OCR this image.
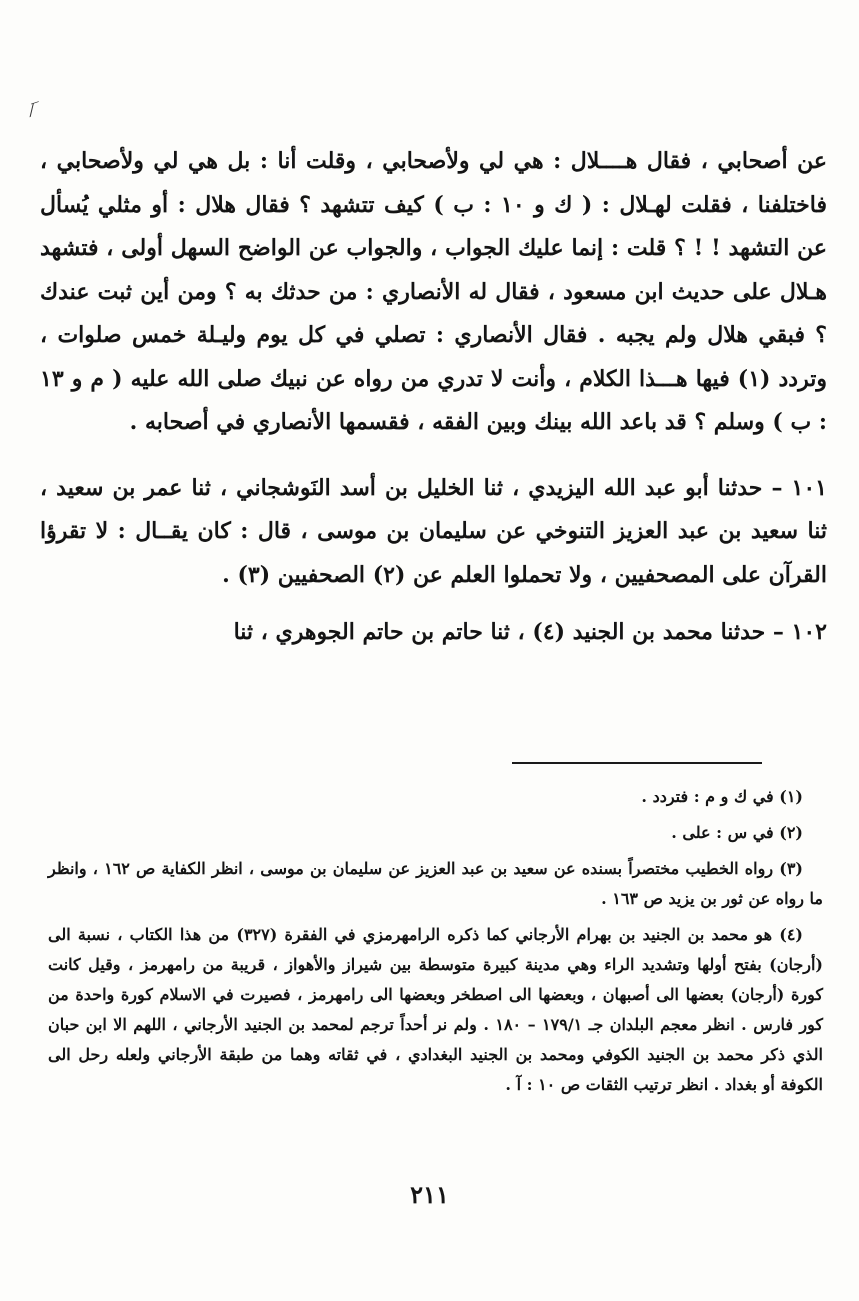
⁄‾

عن أصحابي ، فقال هــــلال : هي لي ولأصحابي ، وقلت أنا : بل هي لي ولأصحابي ، فاختلفنا ، فقلت لهـلال : ( ك و ١٠ : ب ) كيف تتشهد ؟ فقال هلال : أو مثلي يُسأل عن التشهد ! ! ؟ قلت : إنما عليك الجواب ، والجواب عن الواضح السهل أولى ، فتشهد هـلال على حديث ابن مسعود ، فقال له الأنصاري : من حدثك به ؟ ومن أين ثبت عندك ؟ فبقي هلال ولم يجبه . فقال الأنصاري : تصلي في كل يوم وليـلة خمس صلوات ، وتردد (١) فيها هـــذا الكلام ، وأنت لا تدري من رواه عن نبيك صلى الله عليه ( م و ١٣ : ب ) وسلم ؟ قد باعد الله بينك وبين الفقه ، فقسمها الأنصاري في أصحابه .

١٠١ – حدثنا أبو عبد الله اليزيدي ، ثنا الخليل بن أسد النَوشجاني ، ثنا عمر بن سعيد ، ثنا سعيد بن عبد العزيز التنوخي عن سليمان بن موسى ، قال : كان يقــال : لا تقرؤا القرآن على المصحفيين ، ولا تحملوا العلم عن (٢) الصحفيين (٣) .

١٠٢ – حدثنا محمد بن الجنيد (٤) ، ثنا حاتم بن حاتم الجوهري ، ثنا

(١) في ك و م : فتردد .

(٢) في س : على .

(٣) رواه الخطيب مختصراً بسنده عن سعيد بن عبد العزيز عن سليمان بن موسى ، انظر الكفاية ص ١٦٢ ، وانظر ما رواه عن ثور بن يزيد ص ١٦٣ .

(٤) هو محمد بن الجنيد بن بهرام الأرجاني كما ذكره الرامهرمزي في الفقرة (٣٢٧) من هذا الكتاب ، نسبة الى (أرجان) بفتح أولها وتشديد الراء وهي مدينة كبيرة متوسطة بين شيراز والأهواز ، قريبة من رامهرمز ، وقيل كانت كورة (أرجان) بعضها الى أصبهان ، وبعضها الى اصطخر وبعضها الى رامهرمز ، فصيرت في الاسلام كورة واحدة من كور فارس . انظر معجم البلدان جـ ١٧٩/١ – ١٨٠ . ولم نر أحداً ترجم لمحمد بن الجنيد الأرجاني ، اللهم الا ابن حبان الذي ذكر محمد بن الجنيد الكوفي ومحمد بن الجنيد البغدادي ، في ثقاته وهما من طبقة الأرجاني ولعله رحل الى الكوفة أو بغداد . انظر ترتيب الثقات ص ١٠ : آ .

٢١١
